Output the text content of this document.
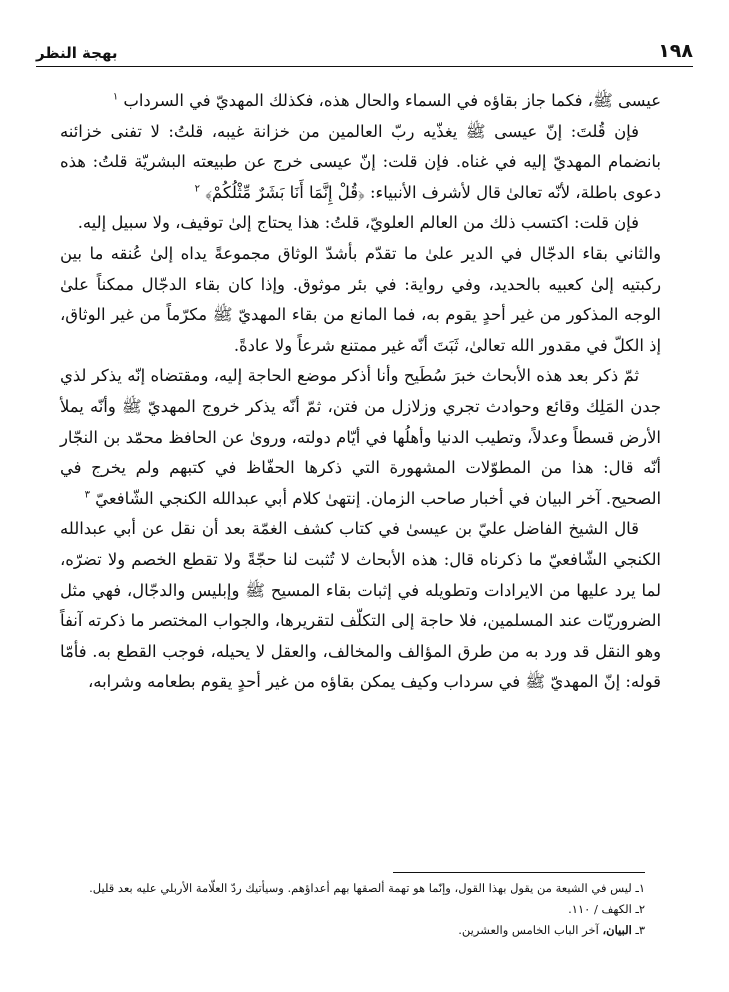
١٩٨
بهجة النظر

عيسى ﷺ، فكما جاز بقاؤه في السماء والحال هذه، فكذلك المهديّ في السرداب $^١$

فإن قُلتَ: إنّ عيسى ﷺ يغذّيه ربّ العالمين من خزانة غيبه، قلتُ: لا تفنى خزائنه بانضمام المهديّ إليه في غناه. فإن قلت: إنّ عيسى خرج عن طبيعته البشريّة قلتُ: هذه دعوى باطلة، لأنّه تعالىٰ قال لأشرف الأنبياء: ﴿قُلْ إِنَّمَا أَنَا بَشَرٌ مِّثْلُكُمْ﴾ $^٢$

فإن قلت: اكتسب ذلك من العالم العلويّ، قلتُ: هذا يحتاج إلىٰ توقيف، ولا سبيل إليه.

والثاني بقاء الدجّال في الدير علىٰ ما تقدّم بأشدّ الوثاق مجموعةً يداه إلىٰ عُنقه ما بين ركبتيه إلىٰ كعبيه بالحديد، وفي رواية: في بئر موثوق. وإذا كان بقاء الدجّال ممكناً علىٰ الوجه المذكور من غير أحدٍ يقوم به، فما المانع من بقاء المهديّ ﷺ مكرّماً من غير الوثاق، إذ الكلّ في مقدور الله تعالىٰ، ثَبَتَ أنّه غير ممتنع شرعاً ولا عادةً.

ثمّ ذكر بعد هذه الأبحاث خبرَ سُطَيح وأنا أذكر موضع الحاجة إليه، ومقتضاه إنّه يذكر لذي جدن المَلِك وقائع وحوادث تجري وزلازل من فتن، ثمّ أنّه يذكر خروج المهديّ ﷺ وأنّه يملأ الأرض قسطاً وعدلاً، وتطيب الدنيا وأهلُها في أيّام دولته، وروىٰ عن الحافظ محمّد بن النجّار أنّه قال: هذا من المطوّلات المشهورة التي ذكرها الحفّاظ في كتبهم ولم يخرج في الصحيح. آخر البيان في أخبار صاحب الزمان. إنتهىٰ كلام أبي عبدالله الكنجي الشّافعيّ $^٣$

قال الشيخ الفاضل عليّ بن عيسىٰ في كتاب كشف الغمّة بعد أن نقل عن أبي عبدالله الكنجي الشّافعيّ ما ذكرناه قال: هذه الأبحاث لا تُثبت لنا حجّةً ولا تقطع الخصم ولا تضرّه، لما يرد عليها من الايرادات وتطويله في إثبات بقاء المسيح ﷺ وإبليس والدجّال، فهي مثل الضروريّات عند المسلمين، فلا حاجة إلى التكلّف لتقريرها، والجواب المختصر ما ذكرته آنفاً وهو النقل قد ورد به من طرق المؤالف والمخالف، والعقل لا يحيله، فوجب القطع به. فأمّا قوله: إنّ المهديّ ﷺ في سرداب وكيف يمكن بقاؤه من غير أحدٍ يقوم بطعامه وشرابه،

١ـ ليس في الشيعة من يقول بهذا القول، وإنّما هو تهمة ألصقها بهم أعداؤهم. وسيأتيك ردّ العلّامة الأربلي عليه بعد قليل.
٢ـ الكهف / ١١٠.
٣ـ البيان، آخر الباب الخامس والعشرين.
